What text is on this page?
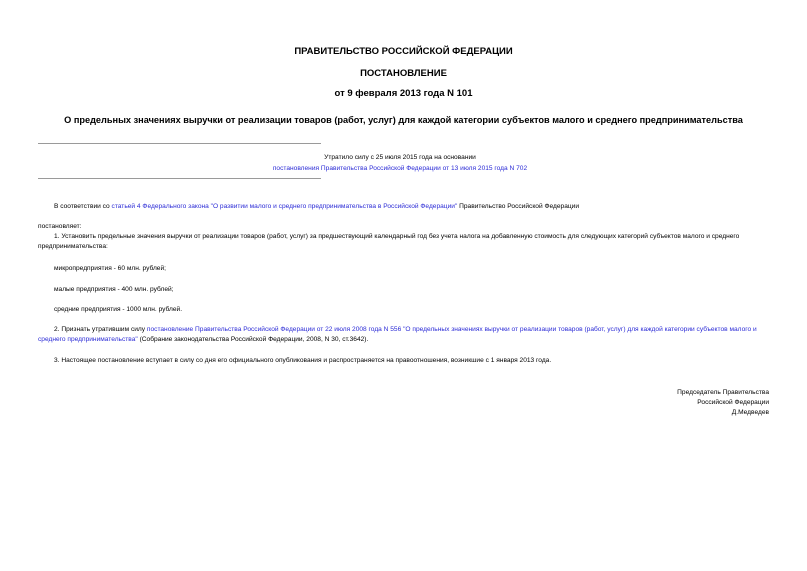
ПРАВИТЕЛЬСТВО РОССИЙСКОЙ ФЕДЕРАЦИИ
ПОСТАНОВЛЕНИЕ
от 9 февраля 2013 года N 101
О предельных значениях выручки от реализации товаров (работ, услуг) для каждой категории субъектов малого и среднего предпринимательства
Утратило силу с 25 июля 2015 года на основании
постановления Правительства Российской Федерации от 13 июля 2015 года N 702
В соответствии со статьей 4 Федерального закона "О развитии малого и среднего предпринимательства в Российской Федерации" Правительство Российской Федерации
постановляет:
1. Установить предельные значения выручки от реализации товаров (работ, услуг) за предшествующий календарный год без учета налога на добавленную стоимость для следующих категорий субъектов малого и среднего предпринимательства:
микропредприятия - 60 млн. рублей;
малые предприятия - 400 млн. рублей;
средние предприятия - 1000 млн. рублей.
2. Признать утратившим силу постановление Правительства Российской Федерации от 22 июля 2008 года N 556 "О предельных значениях выручки от реализации товаров (работ, услуг) для каждой категории субъектов малого и среднего предпринимательства" (Собрание законодательства Российской Федерации, 2008, N 30, ст.3642).
3. Настоящее постановление вступает в силу со дня его официального опубликования и распространяется на правоотношения, возникшие с 1 января 2013 года.
Председатель Правительства
Российской Федерации
Д.Медведев
